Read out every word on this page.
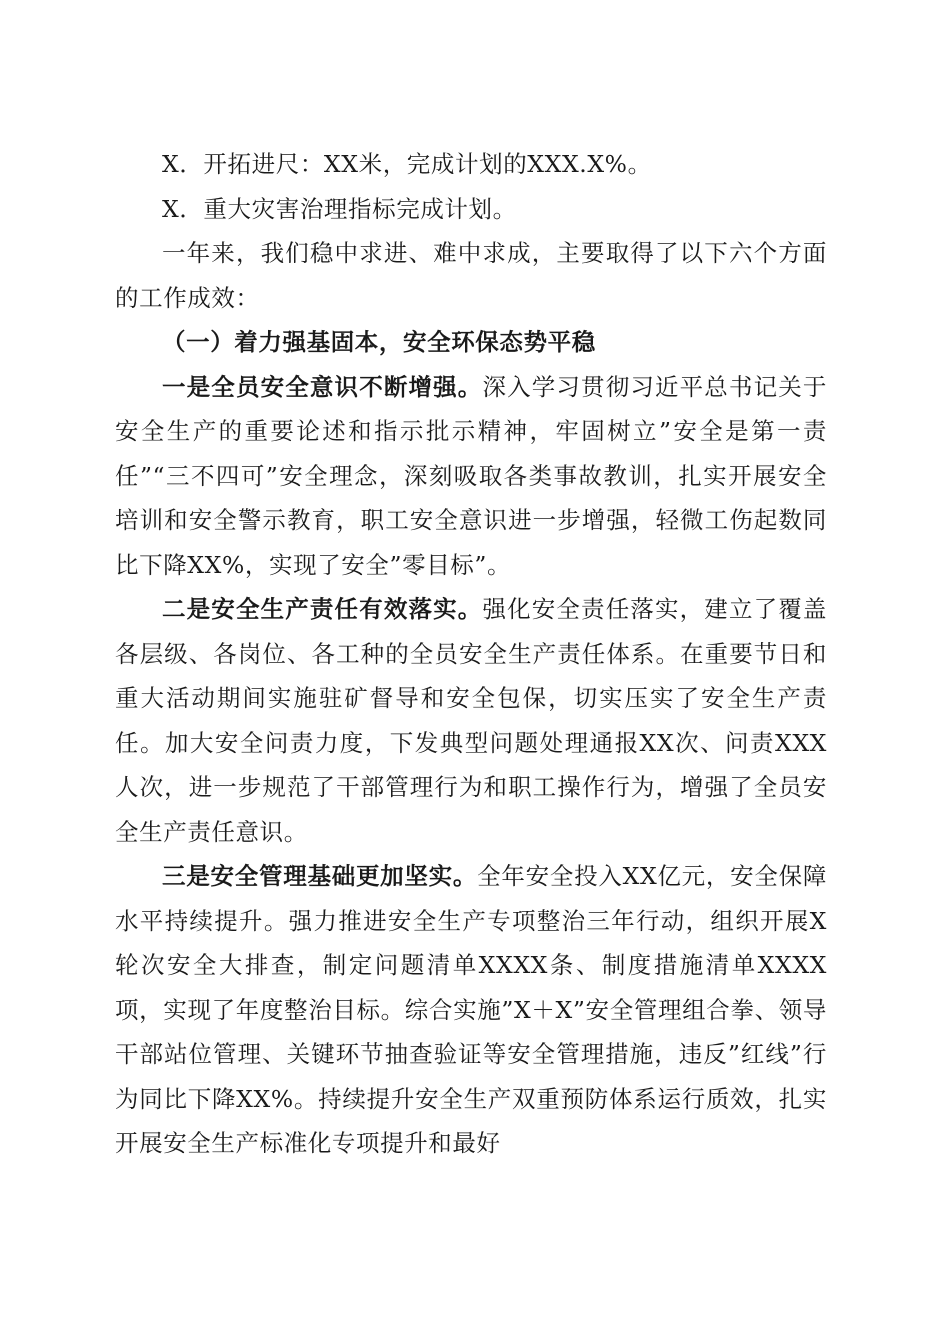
X．开拓进尺：XX米，完成计划的XXX.X%。

X．重大灾害治理指标完成计划。

一年来，我们稳中求进、难中求成，主要取得了以下六个方面的工作成效：

（一）着力强基固本，安全环保态势平稳

一是全员安全意识不断增强。深入学习贯彻习近平总书记关于安全生产的重要论述和指示批示精神，牢固树立”安全是第一责任”“三不四可”安全理念，深刻吸取各类事故教训，扎实开展安全培训和安全警示教育，职工安全意识进一步增强，轻微工伤起数同比下降XX%，实现了安全”零目标”。

二是安全生产责任有效落实。强化安全责任落实，建立了覆盖各层级、各岗位、各工种的全员安全生产责任体系。在重要节日和重大活动期间实施驻矿督导和安全包保，切实压实了安全生产责任。加大安全问责力度，下发典型问题处理通报XX次、问责XXX人次，进一步规范了干部管理行为和职工操作行为，增强了全员安全生产责任意识。

三是安全管理基础更加坚实。全年安全投入XX亿元，安全保障水平持续提升。强力推进安全生产专项整治三年行动，组织开展X轮次安全大排查，制定问题清单XXXX条、制度措施清单XXXX项，实现了年度整治目标。综合实施”X＋X”安全管理组合拳、领导干部站位管理、关键环节抽查验证等安全管理措施，违反”红线”行为同比下降XX%。持续提升安全生产双重预防体系运行质效，扎实开展安全生产标准化专项提升和最好
